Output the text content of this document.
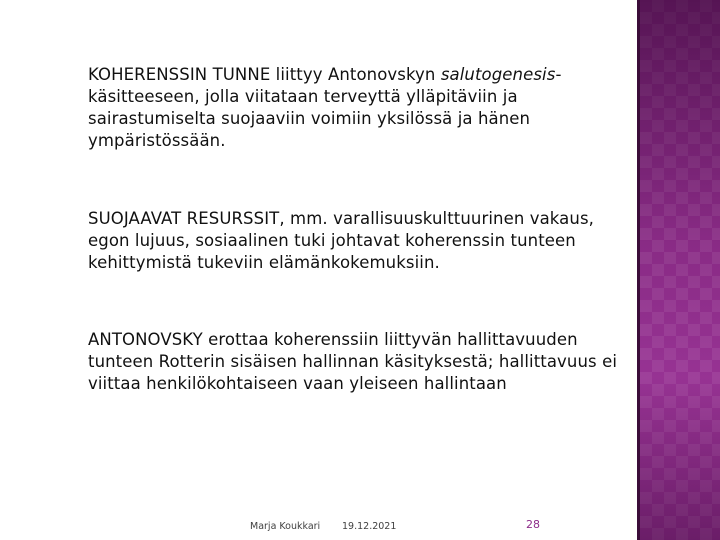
KOHERENSSIN TUNNE liittyy Antonovskyn salutogenesis-käsitteeseen, jolla viitataan terveyttä ylläpitäviin ja sairastumiselta suojaaviin voimiin yksilössä ja hänen ympäristössään.

SUOJAAVAT RESURSSIT, mm. varallisuuskulttuurinen vakaus, egon lujuus, sosiaalinen tuki johtavat koherenssin tunteen kehittymistä tukeviin elämänkokemuksiin.

ANTONOVSKY erottaa koherenssiin liittyvän hallittavuuden tunteen Rotterin sisäisen hallinnan käsityksestä; hallittavuus ei viittaa henkilökohtaiseen vaan yleiseen hallintaan

Marja Koukkari 19.12.2021	28
